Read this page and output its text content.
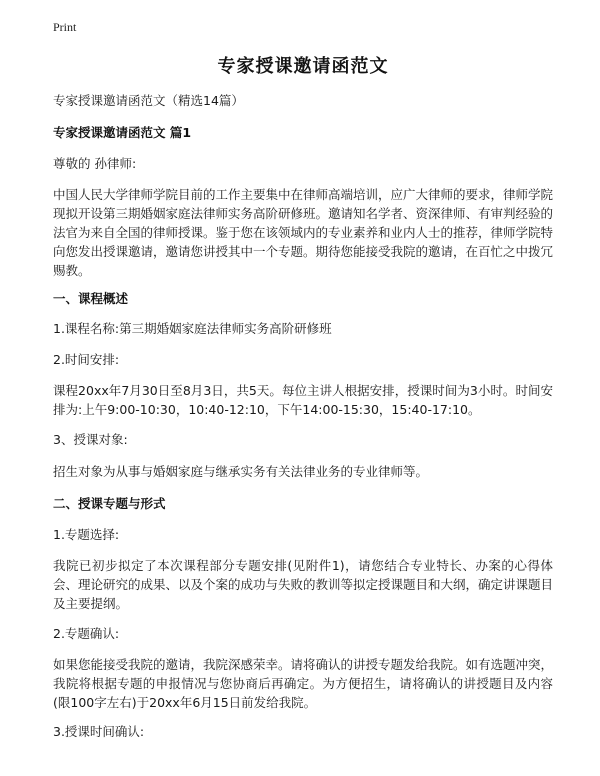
Print
专家授课邀请函范文
专家授课邀请函范文（精选14篇）
专家授课邀请函范文 篇1
尊敬的 孙律师:
中国人民大学律师学院目前的工作主要集中在律师高端培训，应广大律师的要求，律师学院现拟开设第三期婚姻家庭法律师实务高阶研修班。邀请知名学者、资深律师、有审判经验的法官为来自全国的律师授课。鉴于您在该领域内的专业素养和业内人士的推荐，律师学院特向您发出授课邀请，邀请您讲授其中一个专题。期待您能接受我院的邀请，在百忙之中拨冗赐教。
一、课程概述
1.课程名称:第三期婚姻家庭法律师实务高阶研修班
2.时间安排:
课程20xx年7月30日至8月3日，共5天。每位主讲人根据安排，授课时间为3小时。时间安排为:上午9:00-10:30，10:40-12:10，下午14:00-15:30，15:40-17:10。
3、授课对象:
招生对象为从事与婚姻家庭与继承实务有关法律业务的专业律师等。
二、授课专题与形式
1.专题选择:
我院已初步拟定了本次课程部分专题安排(见附件1)，请您结合专业特长、办案的心得体会、理论研究的成果、以及个案的成功与失败的教训等拟定授课题目和大纲，确定讲课题目及主要提纲。
2.专题确认:
如果您能接受我院的邀请，我院深感荣幸。请将确认的讲授专题发给我院。如有选题冲突，我院将根据专题的申报情况与您协商后再确定。为方便招生，请将确认的讲授题目及内容(限100字左右)于20xx年6月15日前发给我院。
3.授课时间确认:
